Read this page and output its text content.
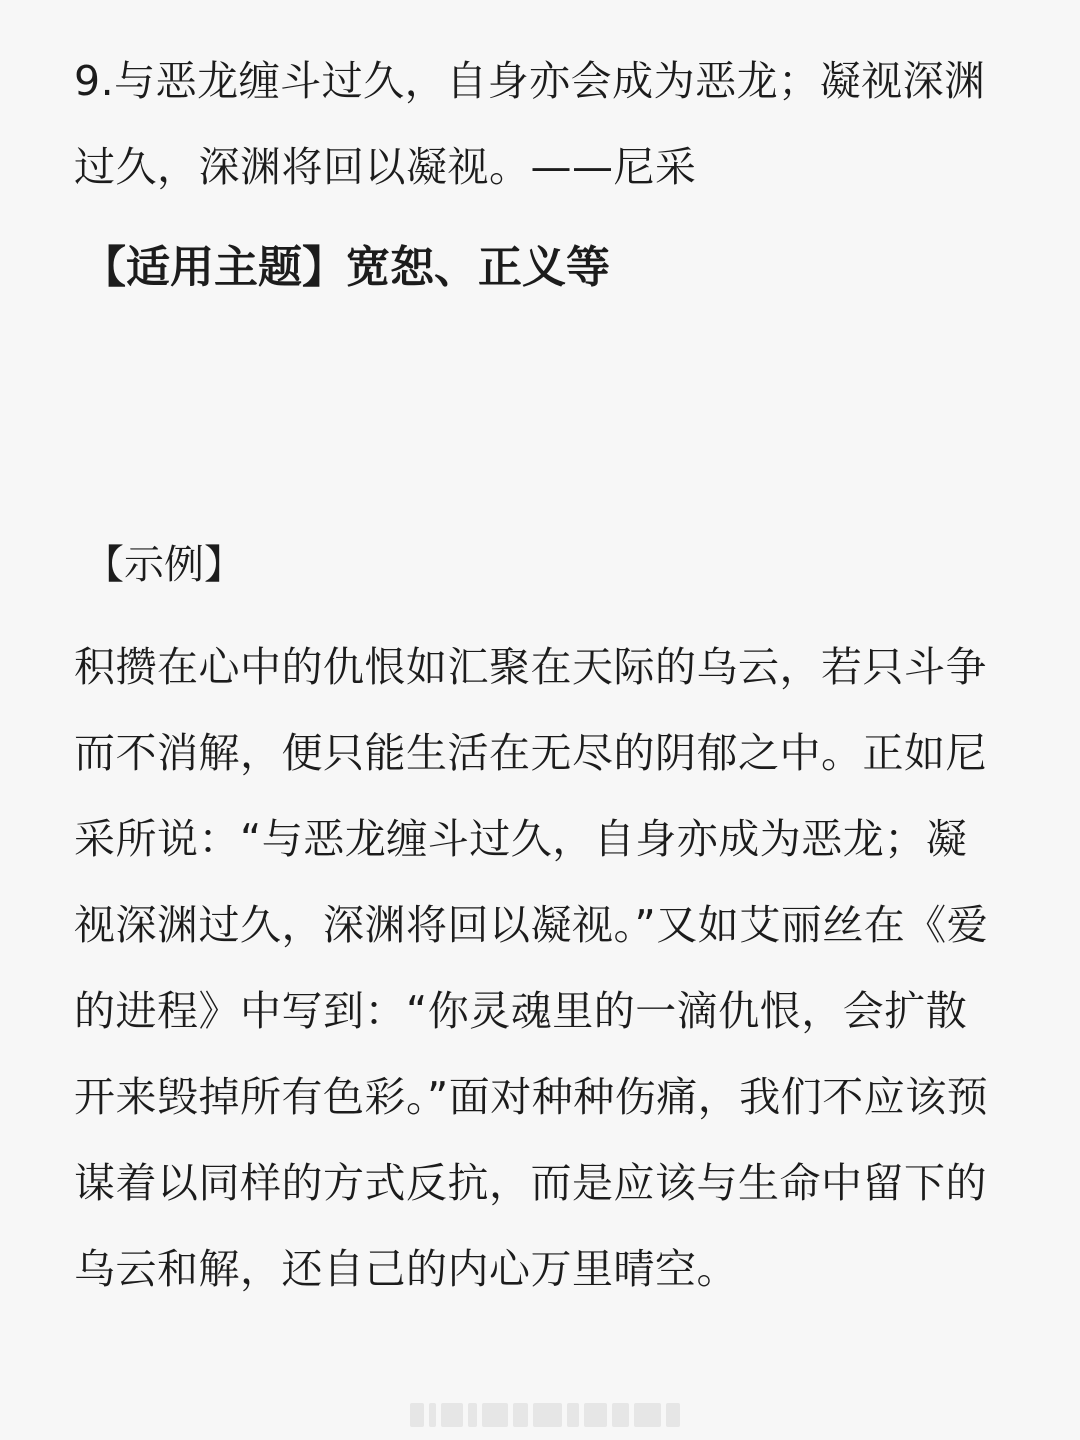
9.与恶龙缠斗过久，自身亦会成为恶龙；凝视深渊过久，深渊将回以凝视。——尼采

【适用主题】宽恕、正义等

【示例】

积攒在心中的仇恨如汇聚在天际的乌云，若只斗争而不消解，便只能生活在无尽的阴郁之中。正如尼采所说：“与恶龙缠斗过久，自身亦成为恶龙；凝视深渊过久，深渊将回以凝视。”又如艾丽丝在《爱的进程》中写到：“你灵魂里的一滴仇恨，会扩散开来毁掉所有色彩。”面对种种伤痛，我们不应该预谋着以同样的方式反抗，而是应该与生命中留下的乌云和解，还自己的内心万里晴空。
